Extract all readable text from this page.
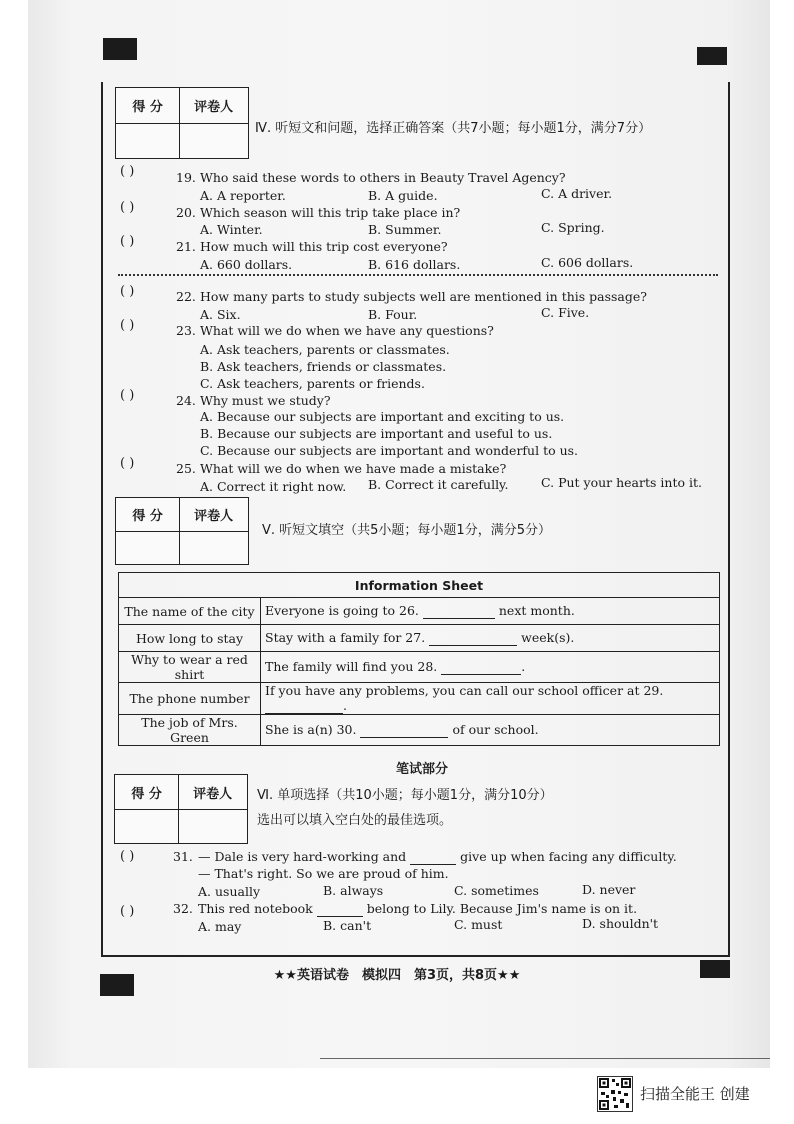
得 分	评卷人
Ⅳ. 听短文和问题，选择正确答案（共7小题；每小题1分，满分7分）
( )	19. Who said these words to others in Beauty Travel Agency?
A. A reporter.	B. A guide.	C. A driver.
( )	20. Which season will this trip take place in?
A. Winter.	B. Summer.	C. Spring.
( )	21. How much will this trip cost everyone?
A. 660 dollars.	B. 616 dollars.	C. 606 dollars.
( )	22. How many parts to study subjects well are mentioned in this passage?
A. Six.	B. Four.	C. Five.
( )	23. What will we do when we have any questions?
A. Ask teachers, parents or classmates.
B. Ask teachers, friends or classmates.
C. Ask teachers, parents or friends.
( )	24. Why must we study?
A. Because our subjects are important and exciting to us.
B. Because our subjects are important and useful to us.
C. Because our subjects are important and wonderful to us.
( )	25. What will we do when we have made a mistake?
A. Correct it right now. B. Correct it carefully.	C. Put your hearts into it.
得 分	评卷人
Ⅴ. 听短文填空（共5小题；每小题1分，满分5分）
Information Sheet	
The name of the city	Everyone is going to 26. next month.
How long to stay	Stay with a family for 27. week(s).
Why to wear a red shirt	The family will find you 28. .
The phone number	If you have any problems, you can call our school officer at 29.  .
The job of Mrs. Green	She is a(n) 30. of our school.
笔试部分
得 分	评卷人	Ⅵ. 单项选择（共10小题；每小题1分，满分10分）
选出可以填入空白处的最佳选项。
( )	31. — Dale is very hard-working and	give up when facing any difficulty.
— That's right. So we are proud of him.
A. usually	B. always	C. sometimes	D. never
( )	32. This red notebook	belong to Lily. Because Jim's name is on it.
A. may	B. can't	C. must	D. shouldn't
★★英语试卷　模拟四　第3页，共8页★★
扫描全能王 创建
